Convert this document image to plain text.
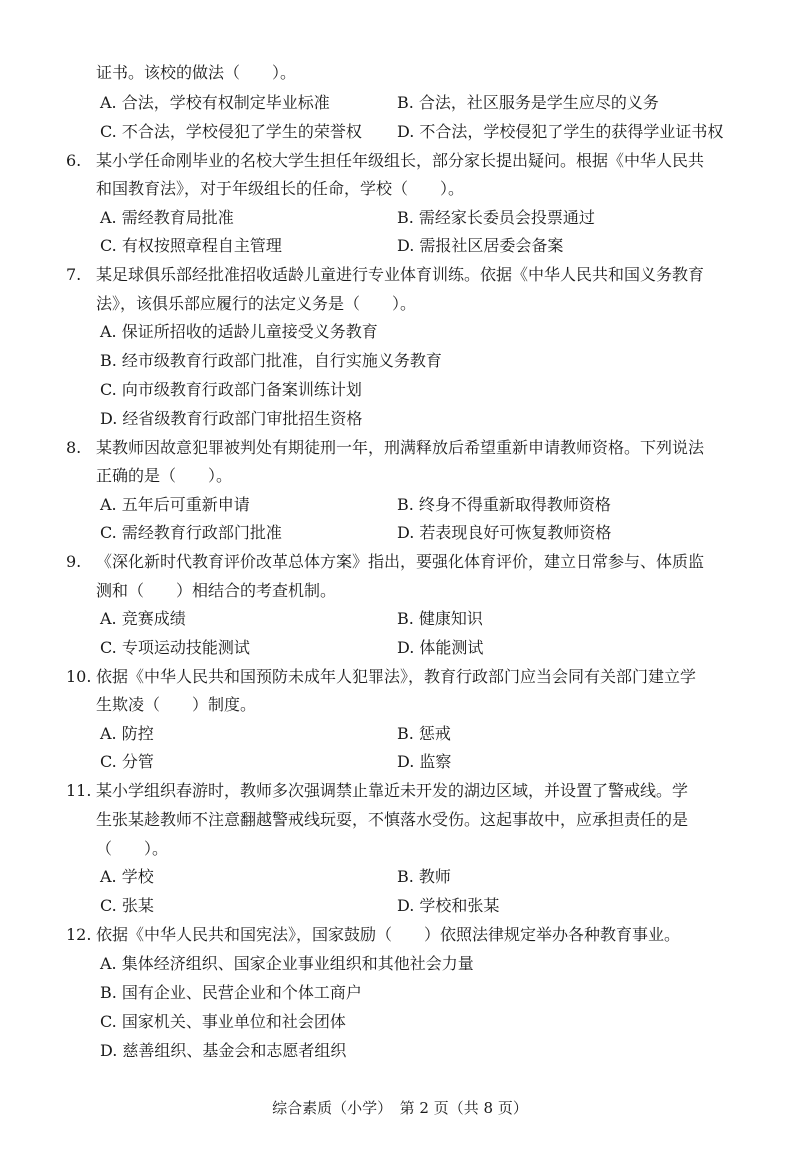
证书。该校的做法（　　）。
A. 合法，学校有权制定毕业标准	B. 合法，社区服务是学生应尽的义务
C. 不合法，学校侵犯了学生的荣誉权 D. 不合法，学校侵犯了学生的获得学业证书权
6. 某小学任命刚毕业的名校大学生担任年级组长，部分家长提出疑问。根据《中华人民共
和国教育法》，对于年级组长的任命，学校（　　）。
A. 需经教育局批准	B. 需经家长委员会投票通过
C. 有权按照章程自主管理	D. 需报社区居委会备案
7. 某足球俱乐部经批准招收适龄儿童进行专业体育训练。依据《中华人民共和国义务教育
法》，该俱乐部应履行的法定义务是（　　）。
A. 保证所招收的适龄儿童接受义务教育
B. 经市级教育行政部门批准，自行实施义务教育
C. 向市级教育行政部门备案训练计划
D. 经省级教育行政部门审批招生资格
8. 某教师因故意犯罪被判处有期徒刑一年，刑满释放后希望重新申请教师资格。下列说法
正确的是（　　）。
A. 五年后可重新申请	B. 终身不得重新取得教师资格
C. 需经教育行政部门批准	D. 若表现良好可恢复教师资格
9. 《深化新时代教育评价改革总体方案》指出，要强化体育评价，建立日常参与、体质监
测和（　　）相结合的考查机制。
A. 竞赛成绩	B. 健康知识
C. 专项运动技能测试	D. 体能测试
10. 依据《中华人民共和国预防未成年人犯罪法》，教育行政部门应当会同有关部门建立学
生欺凌（　　）制度。
A. 防控	B. 惩戒
C. 分管	D. 监察
11. 某小学组织春游时，教师多次强调禁止靠近未开发的湖边区域，并设置了警戒线。学
生张某趁教师不注意翻越警戒线玩耍，不慎落水受伤。这起事故中，应承担责任的是
（　　）。
A. 学校	B. 教师
C. 张某	D. 学校和张某
12. 依据《中华人民共和国宪法》，国家鼓励（　　）依照法律规定举办各种教育事业。
A. 集体经济组织、国家企业事业组织和其他社会力量
B. 国有企业、民营企业和个体工商户
C. 国家机关、事业单位和社会团体
D. 慈善组织、基金会和志愿者组织
综合素质（小学）　第 2 页（共 8 页）
